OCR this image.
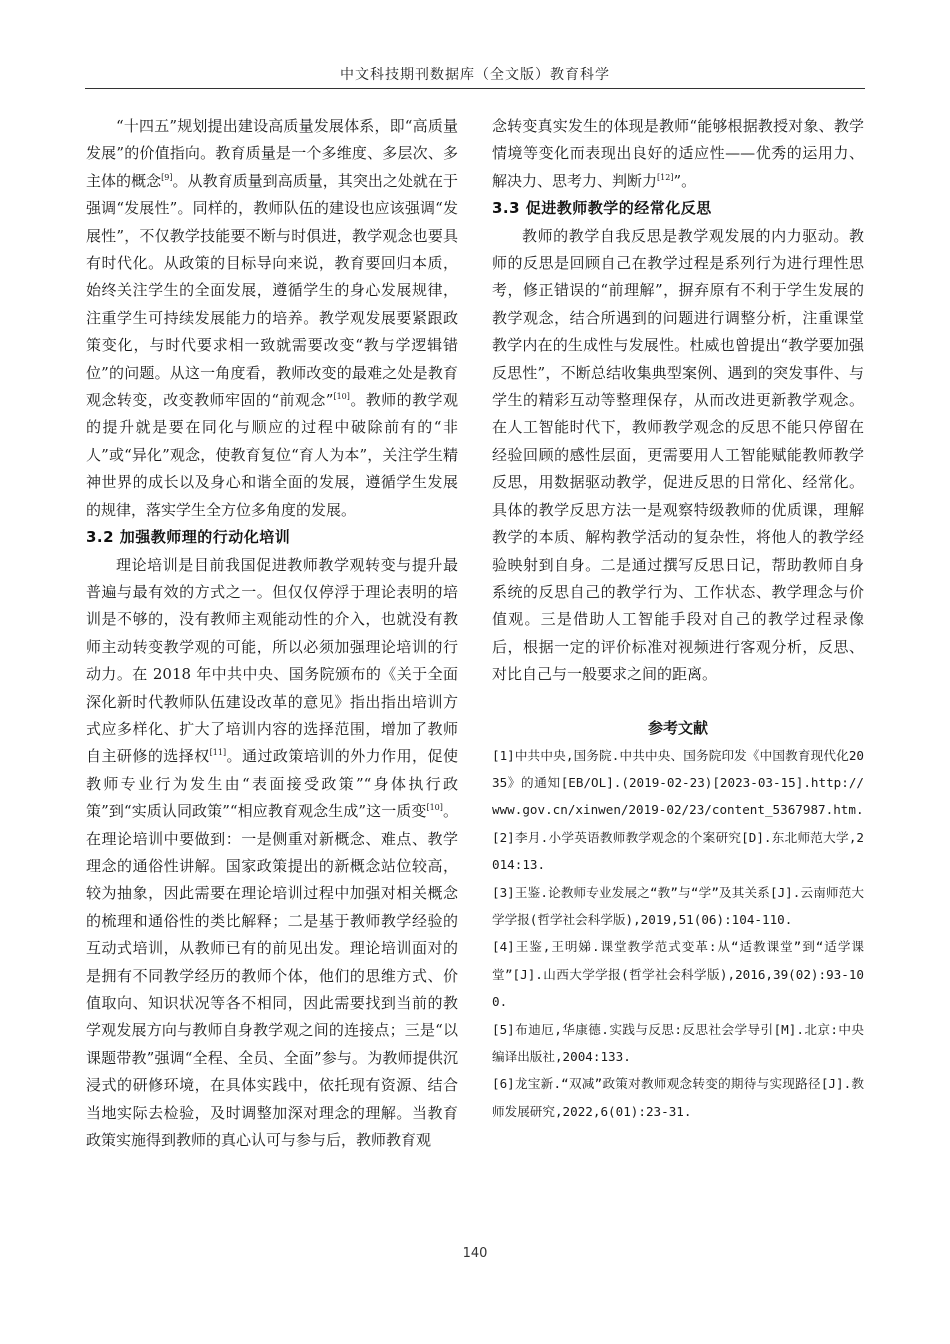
中文科技期刊数据库（全文版）教育科学

“十四五”规划提出建设高质量发展体系，即“高质量发展”的价值指向。教育质量是一个多维度、多层次、多主体的概念[9]。从教育质量到高质量，其突出之处就在于强调“发展性”。同样的，教师队伍的建设也应该强调“发展性”，不仅教学技能要不断与时俱进，教学观念也要具有时代化。从政策的目标导向来说，教育要回归本质，始终关注学生的全面发展，遵循学生的身心发展规律，注重学生可持续发展能力的培养。教学观发展要紧跟政策变化，与时代要求相一致就需要改变“教与学逻辑错位”的问题。从这一角度看，教师改变的最难之处是教育观念转变，改变教师牢固的“前观念”[10]。教师的教学观的提升就是要在同化与顺应的过程中破除前有的“非人”或“异化”观念，使教育复位“育人为本”，关注学生精神世界的成长以及身心和谐全面的发展，遵循学生发展的规律，落实学生全方位多角度的发展。

3.2 加强教师理的行动化培训

理论培训是目前我国促进教师教学观转变与提升最普遍与最有效的方式之一。但仅仅停浮于理论表明的培训是不够的，没有教师主观能动性的介入，也就没有教师主动转变教学观的可能，所以必须加强理论培训的行动力。在 2018 年中共中央、国务院颁布的《关于全面深化新时代教师队伍建设改革的意见》指出指出培训方式应多样化、扩大了培训内容的选择范围，增加了教师自主研修的选择权[11]。通过政策培训的外力作用，促使教师专业行为发生由“表面接受政策”“身体执行政策”到“实质认同政策”“相应教育观念生成”这一质变[10]。在理论培训中要做到：一是侧重对新概念、难点、教学理念的通俗性讲解。国家政策提出的新概念站位较高，较为抽象，因此需要在理论培训过程中加强对相关概念的梳理和通俗性的类比解释；二是基于教师教学经验的互动式培训，从教师已有的前见出发。理论培训面对的是拥有不同教学经历的教师个体，他们的思维方式、价值取向、知识状况等各不相同，因此需要找到当前的教学观发展方向与教师自身教学观之间的连接点；三是“以课题带教”强调“全程、全员、全面”参与。为教师提供沉浸式的研修环境，在具体实践中，依托现有资源、结合当地实际去检验，及时调整加深对理念的理解。当教育政策实施得到教师的真心认可与参与后，教师教育观

念转变真实发生的体现是教师“能够根据教授对象、教学情境等变化而表现出良好的适应性——优秀的运用力、解决力、思考力、判断力[12]”。

3.3 促进教师教学的经常化反思

教师的教学自我反思是教学观发展的内力驱动。教师的反思是回顾自己在教学过程是系列行为进行理性思考，修正错误的“前理解”，摒弃原有不利于学生发展的教学观念，结合所遇到的问题进行调整分析，注重课堂教学内在的生成性与发展性。杜威也曾提出“教学要加强反思性”，不断总结收集典型案例、遇到的突发事件、与学生的精彩互动等整理保存，从而改进更新教学观念。在人工智能时代下，教师教学观念的反思不能只停留在经验回顾的感性层面，更需要用人工智能赋能教师教学反思，用数据驱动教学，促进反思的日常化、经常化。具体的教学反思方法一是观察特级教师的优质课，理解教学的本质、解构教学活动的复杂性，将他人的教学经验映射到自身。二是通过撰写反思日记，帮助教师自身系统的反思自己的教学行为、工作状态、教学理念与价值观。三是借助人工智能手段对自己的教学过程录像后，根据一定的评价标准对视频进行客观分析，反思、对比自己与一般要求之间的距离。

参考文献

[1]中共中央,国务院.中共中央、国务院印发《中国教育现代化2035》的通知[EB/OL].(2019-02-23)[2023-03-15].http://www.gov.cn/xinwen/2019-02/23/content_5367987.htm.

[2]李月.小学英语教师教学观念的个案研究[D].东北师范大学,2014:13.

[3]王鉴.论教师专业发展之“教”与“学”及其关系[J].云南师范大学学报(哲学社会科学版),2019,51(06):104-110.

[4]王鉴,王明娣.课堂教学范式变革:从“适教课堂”到“适学课堂”[J].山西大学学报(哲学社会科学版),2016,39(02):93-100.

[5]布迪厄,华康德.实践与反思:反思社会学导引[M].北京:中央编译出版社,2004:133.

[6]龙宝新.“双减”政策对教师观念转变的期待与实现路径[J].教师发展研究,2022,6(01):23-31.

140
